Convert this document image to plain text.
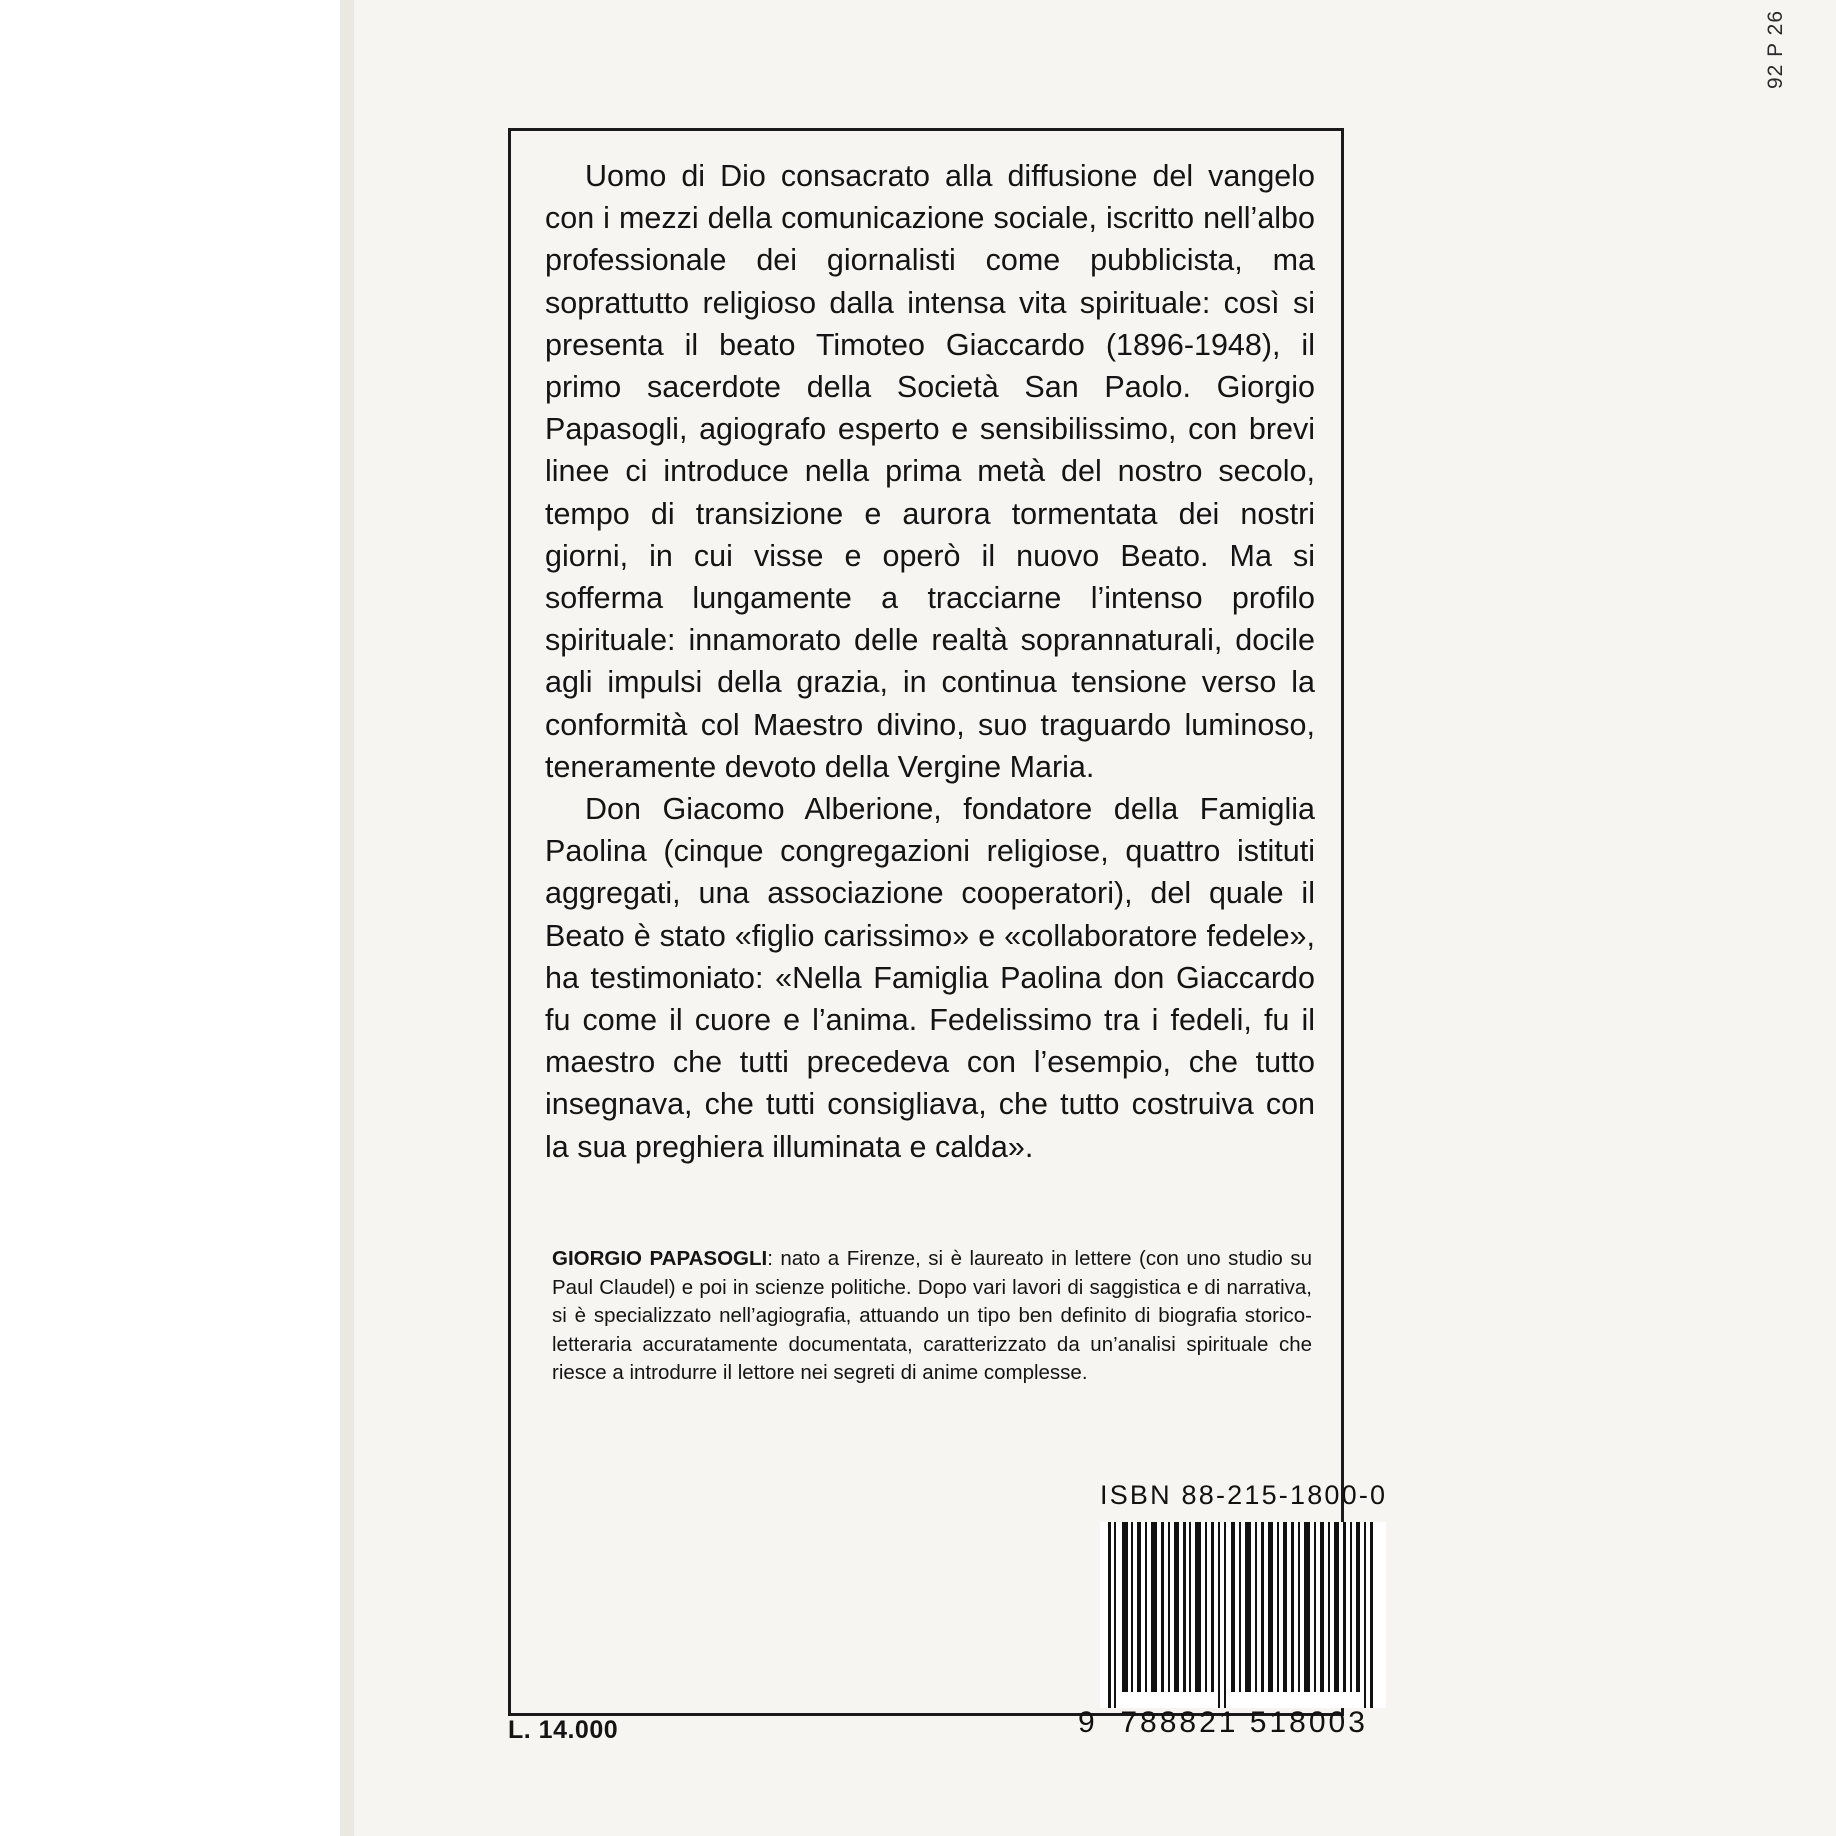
92 P 26

Uomo di Dio consacrato alla diffusione del vangelo con i mezzi della comunicazione sociale, iscritto nell’albo professionale dei giornalisti come pubblicista, ma soprattutto religioso dalla intensa vita spirituale: così si presenta il beato Timoteo Giaccardo (1896-1948), il primo sacerdote della Società San Paolo. Giorgio Papasogli, agiografo esperto e sensibilissimo, con brevi linee ci introduce nella prima metà del nostro secolo, tempo di transizione e aurora tormentata dei nostri giorni, in cui visse e operò il nuovo Beato. Ma si sofferma lungamente a tracciarne l’intenso profilo spirituale: innamorato delle realtà soprannaturali, docile agli impulsi della grazia, in continua tensione verso la conformità col Maestro divino, suo traguardo luminoso, teneramente devoto della Vergine Maria.

Don Giacomo Alberione, fondatore della Famiglia Paolina (cinque congregazioni religiose, quattro istituti aggregati, una associazione cooperatori), del quale il Beato è stato «figlio carissimo» e «collaboratore fedele», ha testimoniato: «Nella Famiglia Paolina don Giaccardo fu come il cuore e l’anima. Fedelissimo tra i fedeli, fu il maestro che tutti precedeva con l’esempio, che tutto insegnava, che tutti consigliava, che tutto costruiva con la sua preghiera illuminata e calda».

GIORGIO PAPASOGLI: nato a Firenze, si è laureato in lettere (con uno studio su Paul Claudel) e poi in scienze politiche. Dopo vari lavori di saggistica e di narrativa, si è specializzato nell’agiografia, attuando un tipo ben definito di biografia storico-letteraria accuratamente documentata, caratterizzato da un’analisi spirituale che riesce a introdurre il lettore nei segreti di anime complesse.
ISBN 88-215-1800-0
9  788821 518003
L. 14.000
